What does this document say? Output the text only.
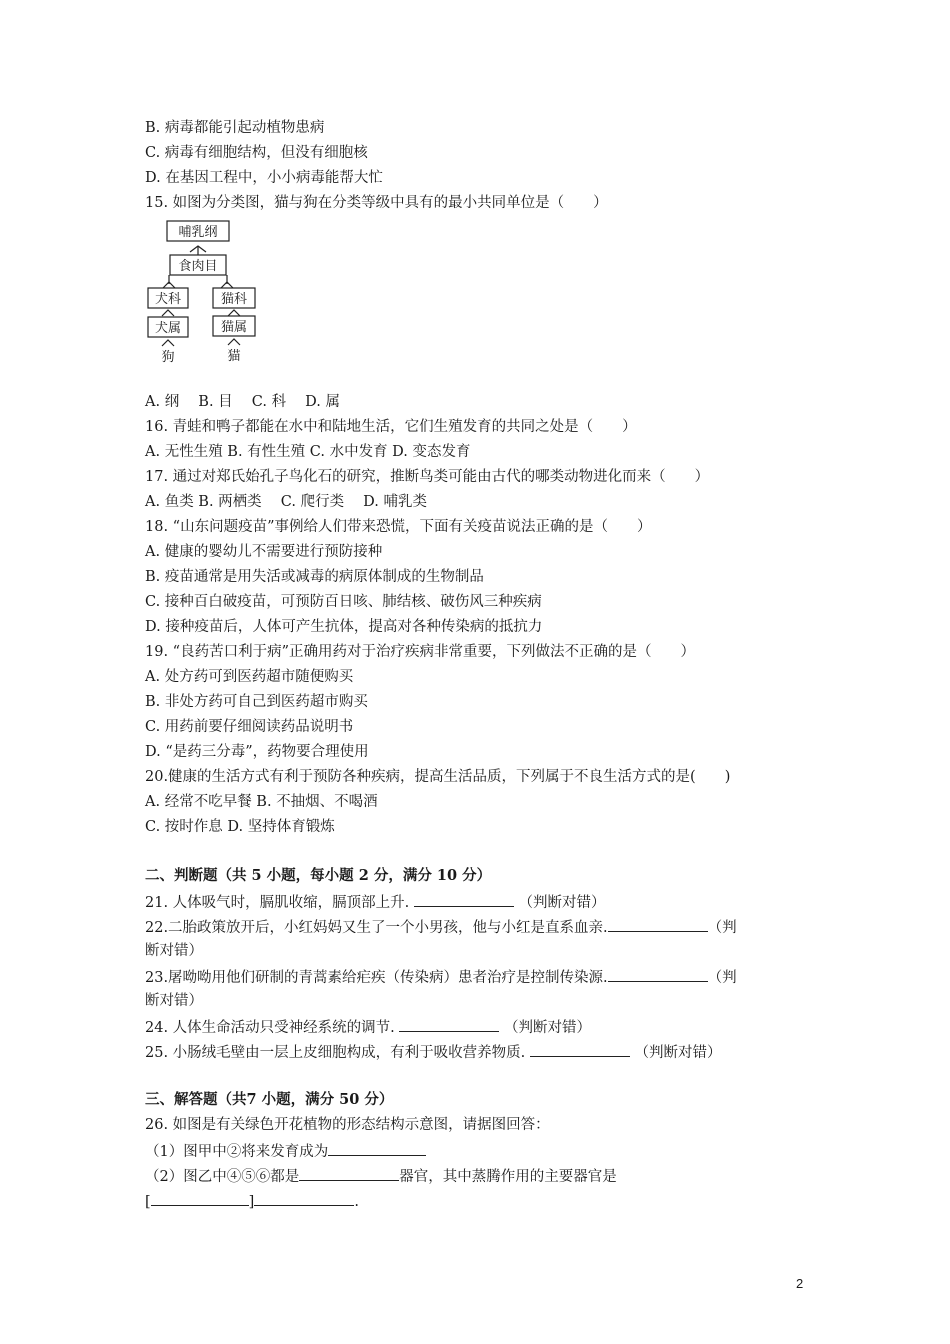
B. 病毒都能引起动植物患病
C. 病毒有细胞结构，但没有细胞核
D. 在基因工程中，小小病毒能帮大忙
15. 如图为分类图，猫与狗在分类等级中具有的最小共同单位是（　　）
哺乳纲
食肉目
犬科	猫科
犬属	猫属
狗	猫
A. 纲　 B. 目　 C. 科　 D. 属
16. 青蛙和鸭子都能在水中和陆地生活，它们生殖发育的共同之处是（　　）
A. 无性生殖 B. 有性生殖 C. 水中发育 D. 变态发育
17. 通过对郑氏始孔子鸟化石的研究，推断鸟类可能由古代的哪类动物进化而来（　　）
A. 鱼类 B. 两栖类　 C. 爬行类　 D. 哺乳类
18. “山东问题疫苗”事例给人们带来恐慌，下面有关疫苗说法正确的是（　　）
A. 健康的婴幼儿不需要进行预防接种
B. 疫苗通常是用失活或减毒的病原体制成的生物制品
C. 接种百白破疫苗，可预防百日咳、肺结核、破伤风三种疾病
D. 接种疫苗后，人体可产生抗体，提高对各种传染病的抵抗力
19. “良药苦口利于病”正确用药对于治疗疾病非常重要，下列做法不正确的是（　　）
A. 处方药可到医药超市随便购买
B. 非处方药可自己到医药超市购买
C. 用药前要仔细阅读药品说明书
D. “是药三分毒”，药物要合理使用
20.健康的生活方式有利于预防各种疾病，提高生活品质，下列属于不良生活方式的是(　　)
A. 经常不吃早餐 B. 不抽烟、不喝酒
C. 按时作息 D. 坚持体育锻炼
二、判断题（共 5 小题，每小题 2 分，满分 10 分）
21. 人体吸气时，膈肌收缩，膈顶部上升.	（判断对错）
22.二胎政策放开后，小红妈妈又生了一个小男孩，他与小红是直系血亲.	（判
断对错）
23.屠呦呦用他们研制的青蒿素给疟疾（传染病）患者治疗是控制传染源.	（判
断对错）
24. 人体生命活动只受神经系统的调节.	（判断对错）
25. 小肠绒毛壁由一层上皮细胞构成，有利于吸收营养物质.	（判断对错）
三、解答题（共7 小题，满分 50 分）
26. 如图是有关绿色开花植物的形态结构示意图，请据图回答：
（1）图甲中②将来发育成为
（2）图乙中④⑤⑥都是	器官，其中蒸腾作用的主要器官是
[	]	.
2
